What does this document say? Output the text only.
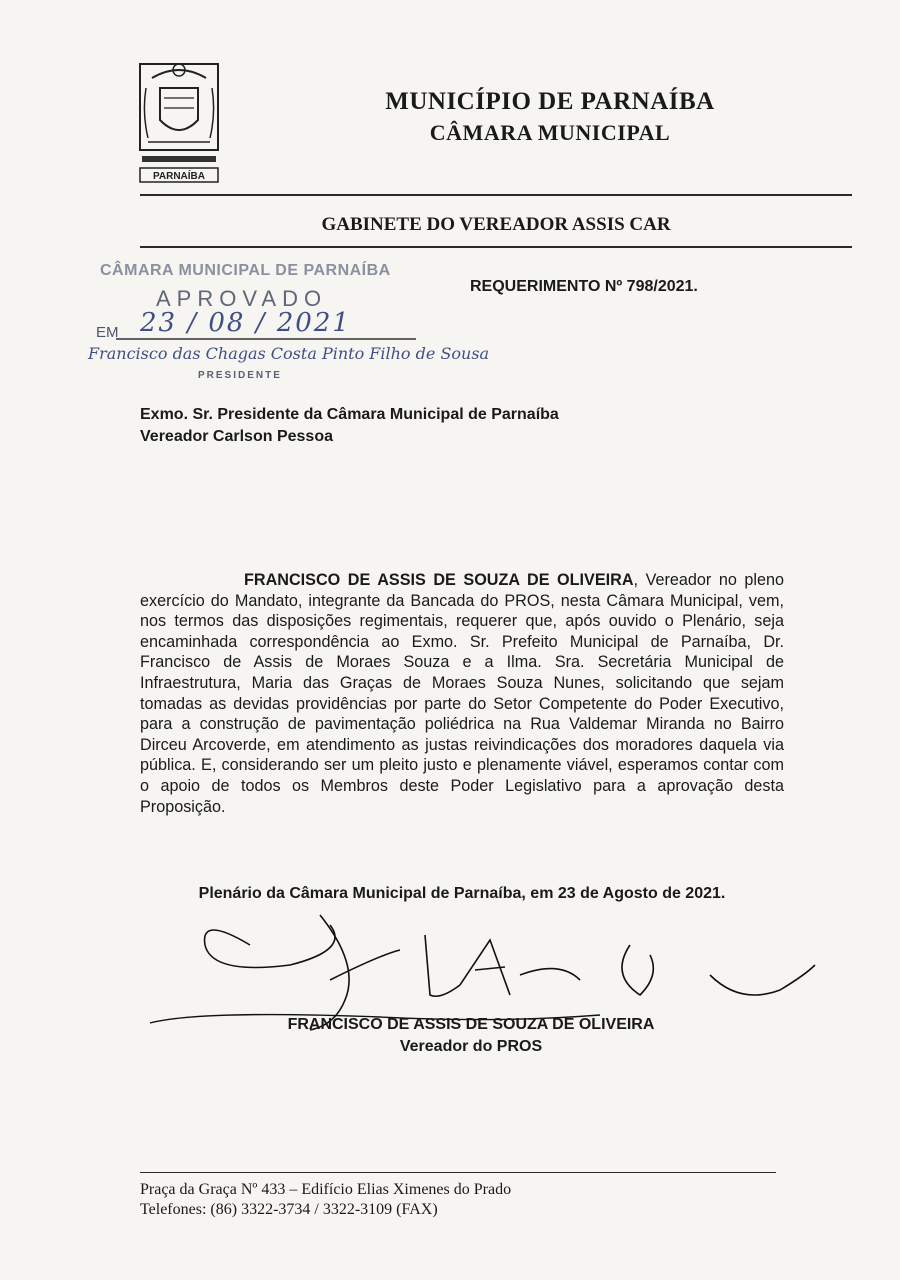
PARNAÍBA
MUNICÍPIO DE PARNAÍBA
CÂMARA MUNICIPAL
GABINETE DO VEREADOR ASSIS CAR
CÂMARA MUNICIPAL DE PARNAÍBA
APROVADO
EM 23 / 08 / 2021
Francisco das Chagas Costa Pinto Filho de Sousa
PRESIDENTE
REQUERIMENTO Nº 798/2021.
Exmo. Sr. Presidente da Câmara Municipal de Parnaíba
Vereador Carlson Pessoa
FRANCISCO DE ASSIS DE SOUZA DE OLIVEIRA, Vereador no pleno exercício do Mandato, integrante da Bancada do PROS, nesta Câmara Municipal, vem, nos termos das disposições regimentais, requerer que, após ouvido o Plenário, seja encaminhada correspondência ao Exmo. Sr. Prefeito Municipal de Parnaíba, Dr. Francisco de Assis de Moraes Souza e a Ilma. Sra. Secretária Municipal de Infraestrutura, Maria das Graças de Moraes Souza Nunes, solicitando que sejam tomadas as devidas providências por parte do Setor Competente do Poder Executivo, para a construção de pavimentação poliédrica na Rua Valdemar Miranda no Bairro Dirceu Arcoverde, em atendimento as justas reivindicações dos moradores daquela via pública. E, considerando ser um pleito justo e plenamente viável, esperamos contar com o apoio de todos os Membros deste Poder Legislativo para a aprovação desta Proposição.
Plenário da Câmara Municipal de Parnaíba, em 23 de Agosto de 2021.
FRANCISCO DE ASSIS DE SOUZA DE OLIVEIRA
Vereador do PROS
Praça da Graça Nº 433 – Edifício Elias Ximenes do Prado
Telefones: (86) 3322-3734 / 3322-3109 (FAX)
